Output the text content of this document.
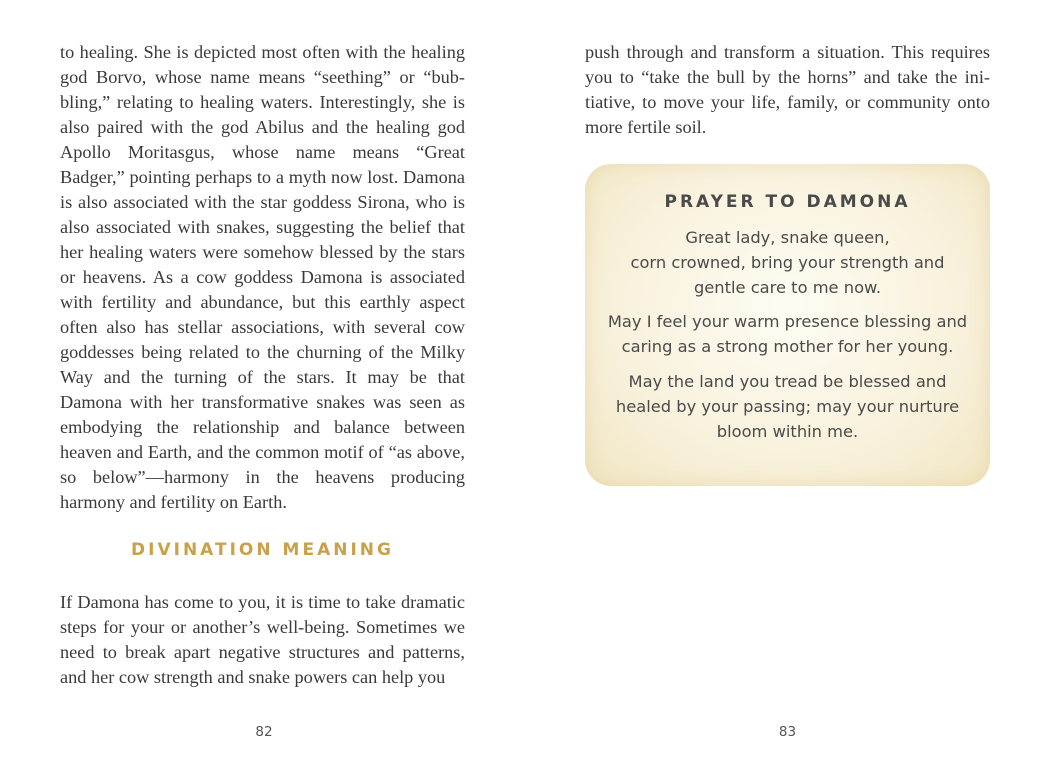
to healing. She is depicted most often with the healing god Borvo, whose name means “seething” or “bubbling,” relating to healing waters. Interestingly, she is also paired with the god Abilus and the healing god Apollo Moritasgus, whose name means “Great Badger,” pointing perhaps to a myth now lost. Damona is also associated with the star goddess Sirona, who is also associated with snakes, suggesting the belief that her healing waters were somehow blessed by the stars or heavens. As a cow goddess Damona is associated with fertility and abundance, but this earthly aspect often also has stellar associations, with several cow goddesses being related to the churning of the Milky Way and the turning of the stars. It may be that Damona with her transformative snakes was seen as embodying the relationship and balance between heaven and Earth, and the common motif of “as above, so below”—harmony in the heavens producing harmony and fertility on Earth.

DIVINATION MEANING

If Damona has come to you, it is time to take dramatic steps for your or another’s well-being. Sometimes we need to break apart negative structures and patterns, and her cow strength and snake powers can help you

82

push through and transform a situation. This requires you to “take the bull by the horns” and take the initiative, to move your life, family, or community onto more fertile soil.

PRAYER TO DAMONA

Great lady, snake queen,
corn crowned, bring your strength and
gentle care to me now.

May I feel your warm presence blessing and
caring as a strong mother for her young.

May the land you tread be blessed and
healed by your passing; may your nurture
bloom within me.

83
